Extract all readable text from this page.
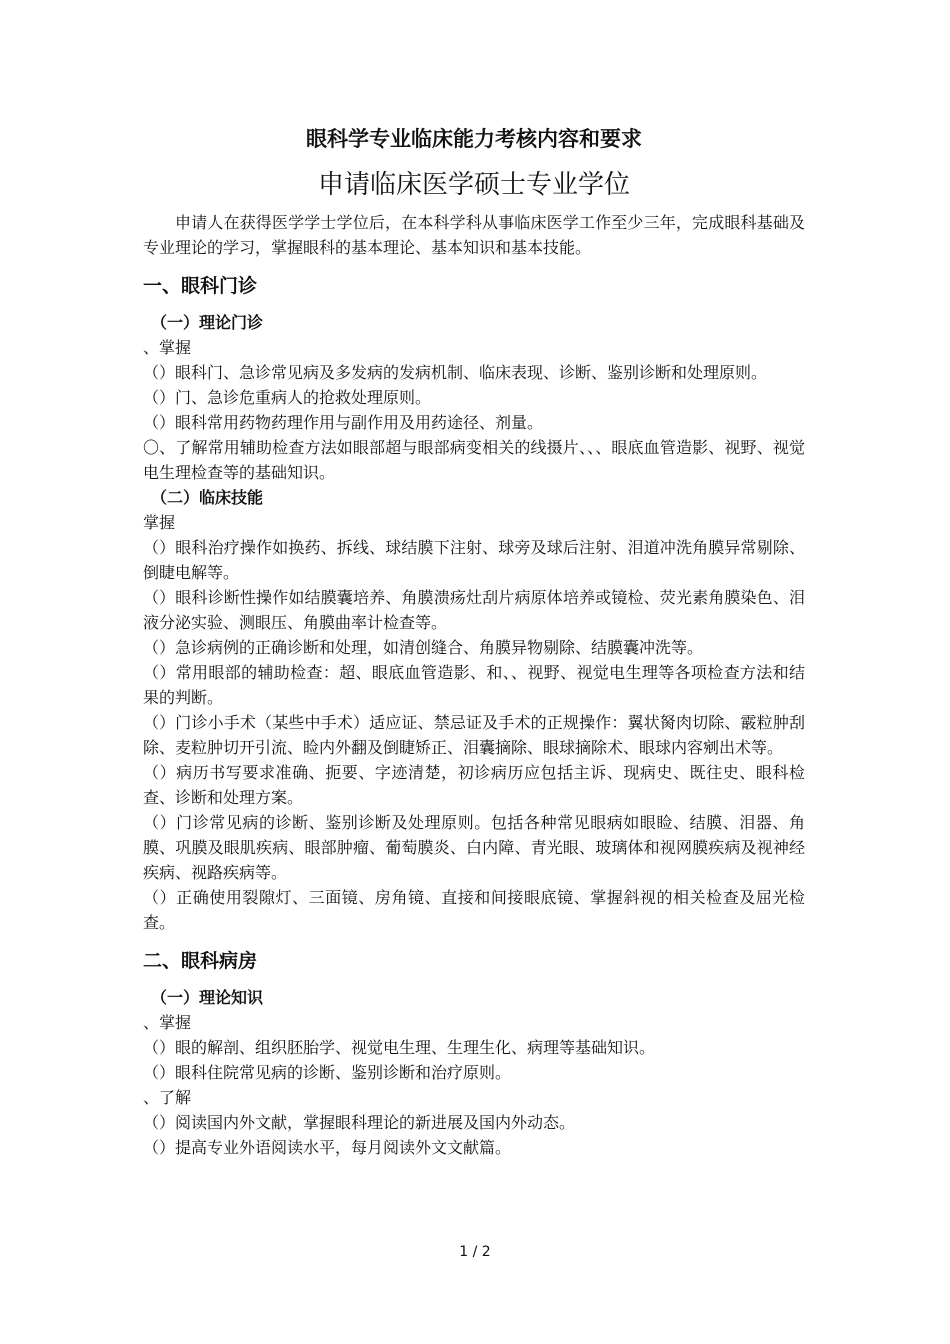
眼科学专业临床能力考核内容和要求
申请临床医学硕士专业学位

申请人在获得医学学士学位后，在本科学科从事临床医学工作至少三年，完成眼科基础及专业理论的学习，掌握眼科的基本理论、基本知识和基本技能。

一、眼科门诊
（一）理论门诊

、掌握

（）眼科门、急诊常见病及多发病的发病机制、临床表现、诊断、鉴别诊断和处理原则。

（）门、急诊危重病人的抢救处理原则。

（）眼科常用药物药理作用与副作用及用药途径、剂量。

〇、了解常用辅助检查方法如眼部超与眼部病变相关的线摄片、、、眼底血管造影、视野、视觉电生理检查等的基础知识。

（二）临床技能

掌握

（）眼科治疗操作如换药、拆线、球结膜下注射、球旁及球后注射、泪道冲洗角膜异常剔除、倒睫电解等。

（）眼科诊断性操作如结膜囊培养、角膜溃疡灶刮片病原体培养或镜检、荧光素角膜染色、泪液分泌实验、测眼压、角膜曲率计检查等。

（）急诊病例的正确诊断和处理，如清创缝合、角膜异物剔除、结膜囊冲洗等。

（）常用眼部的辅助检查：超、眼底血管造影、和、、视野、视觉电生理等各项检查方法和结果的判断。

（）门诊小手术（某些中手术）适应证、禁忌证及手术的正规操作：翼状胬肉切除、霰粒肿刮除、麦粒肿切开引流、睑内外翻及倒睫矫正、泪囊摘除、眼球摘除术、眼球内容剜出术等。

（）病历书写要求准确、扼要、字迹清楚，初诊病历应包括主诉、现病史、既往史、眼科检查、诊断和处理方案。

（）门诊常见病的诊断、鉴别诊断及处理原则。包括各种常见眼病如眼睑、结膜、泪器、角膜、巩膜及眼肌疾病、眼部肿瘤、葡萄膜炎、白内障、青光眼、玻璃体和视网膜疾病及视神经疾病、视路疾病等。

（）正确使用裂隙灯、三面镜、房角镜、直接和间接眼底镜、掌握斜视的相关检查及屈光检查。

二、眼科病房
（一）理论知识

、掌握

（）眼的解剖、组织胚胎学、视觉电生理、生理生化、病理等基础知识。

（）眼科住院常见病的诊断、鉴别诊断和治疗原则。

、了解

（）阅读国内外文献，掌握眼科理论的新进展及国内外动态。

（）提高专业外语阅读水平，每月阅读外文文献篇。

1 / 2
